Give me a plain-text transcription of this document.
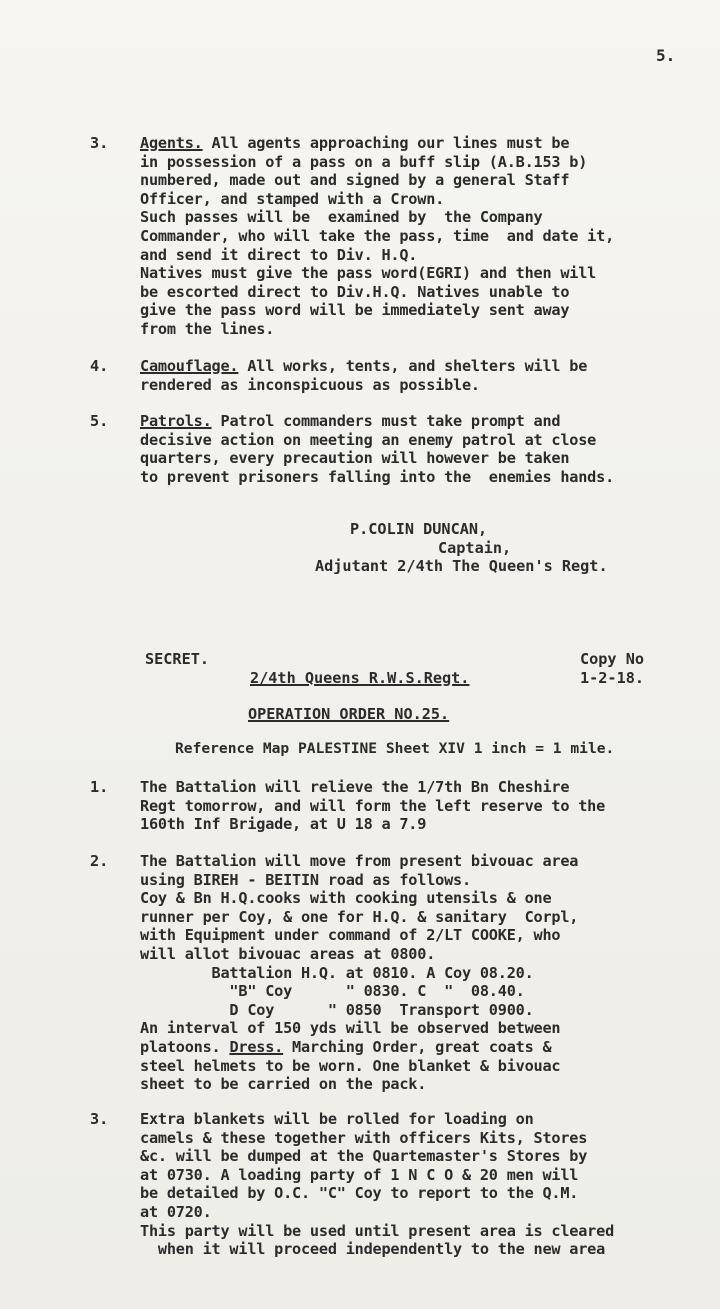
5.
3. Agents. All agents approaching our lines must be
in possession of a pass on a buff slip (A.B.153 b)
numbered, made out and signed by a general Staff
Officer, and stamped with a Crown.
Such passes will be  examined by  the Company
Commander, who will take the pass, time  and date it,
and send it direct to Div. H.Q.
Natives must give the pass word(EGRI) and then will
be escorted direct to Div.H.Q. Natives unable to
give the pass word will be immediately sent away
from the lines.
4. Camouflage. All works, tents, and shelters will be
rendered as inconspicuous as possible.
5. Patrols. Patrol commanders must take prompt and
decisive action on meeting an enemy patrol at close
quarters, every precaution will however be taken
to prevent prisoners falling into the  enemies hands.
P.COLIN DUNCAN,
Captain,
Adjutant 2/4th The Queen's Regt.
SECRET.
2/4th Queens R.W.S.Regt.
Copy No
1-2-18.
OPERATION ORDER NO.25.
Reference Map PALESTINE Sheet XIV 1 inch = 1 mile.
1. The Battalion will relieve the 1/7th Bn Cheshire
Regt tomorrow, and will form the left reserve to the
160th Inf Brigade, at U 18 a 7.9
2. The Battalion will move from present bivouac area
using BIREH - BEITIN road as follows.
Coy & Bn H.Q.cooks with cooking utensils & one
runner per Coy, & one for H.Q. & sanitary  Corpl,
with Equipment under command of 2/LT COOKE, who
will allot bivouac areas at 0800.
Battalion H.Q. at 0810. A Coy 08.20.
"B" Coy      " 0830. C  "  08.40.
D Coy      " 0850  Transport 0900.
An interval of 150 yds will be observed between
platoons. Dress. Marching Order, great coats &
steel helmets to be worn. One blanket & bivouac
sheet to be carried on the pack.
3. Extra blankets will be rolled for loading on
camels & these together with officers Kits, Stores
&c. will be dumped at the Quartemaster's Stores by
at 0730. A loading party of 1 N C O & 20 men will
be detailed by O.C. "C" Coy to report to the Q.M.
at 0720.
This party will be used until present area is cleared
when it will proceed independently to the new area
